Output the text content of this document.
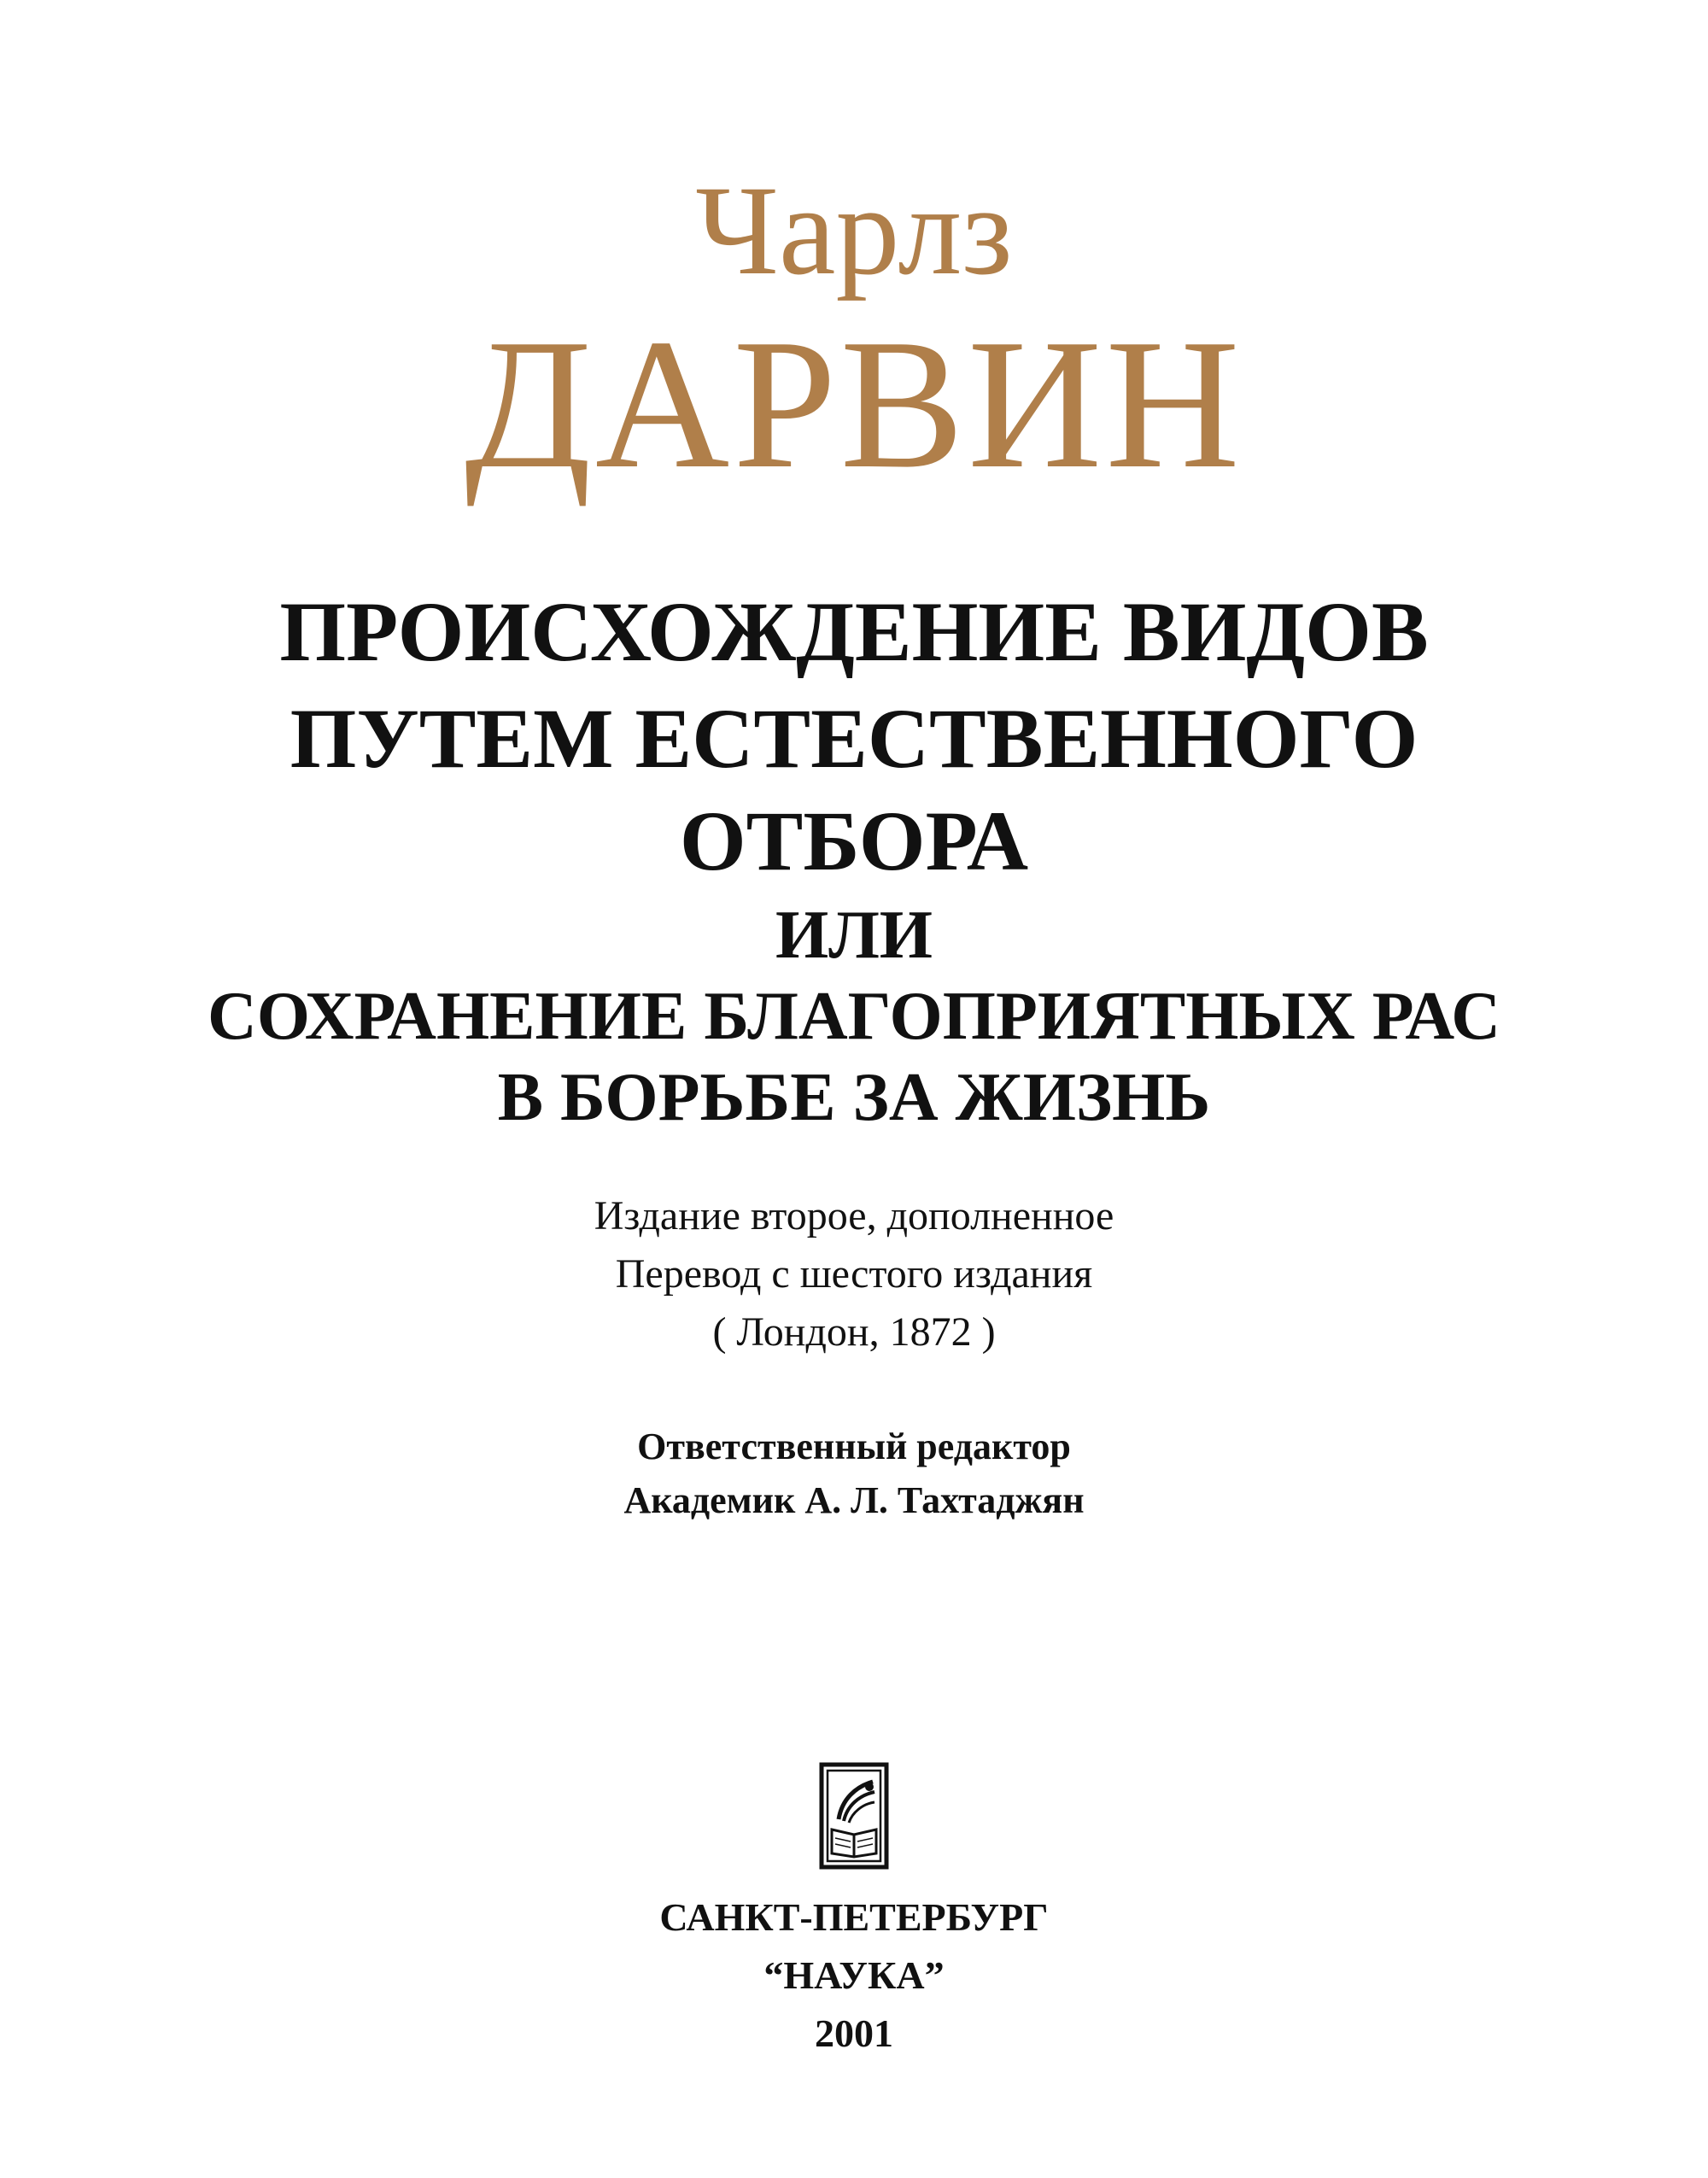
Чарлз
ДАРВИН
ПРОИСХОЖДЕНИЕ ВИДОВ
ПУТЕМ ЕСТЕСТВЕННОГО
ОТБОРА
ИЛИ
СОХРАНЕНИЕ БЛАГОПРИЯТНЫХ РАС
В БОРЬБЕ ЗА ЖИЗНЬ
Издание второе, дополненное
Перевод с шестого издания
( Лондон, 1872 )
Ответственный редактор
Академик А. Л. Тахтаджян
САНКТ-ПЕТЕРБУРГ
“НАУКА”
2001
